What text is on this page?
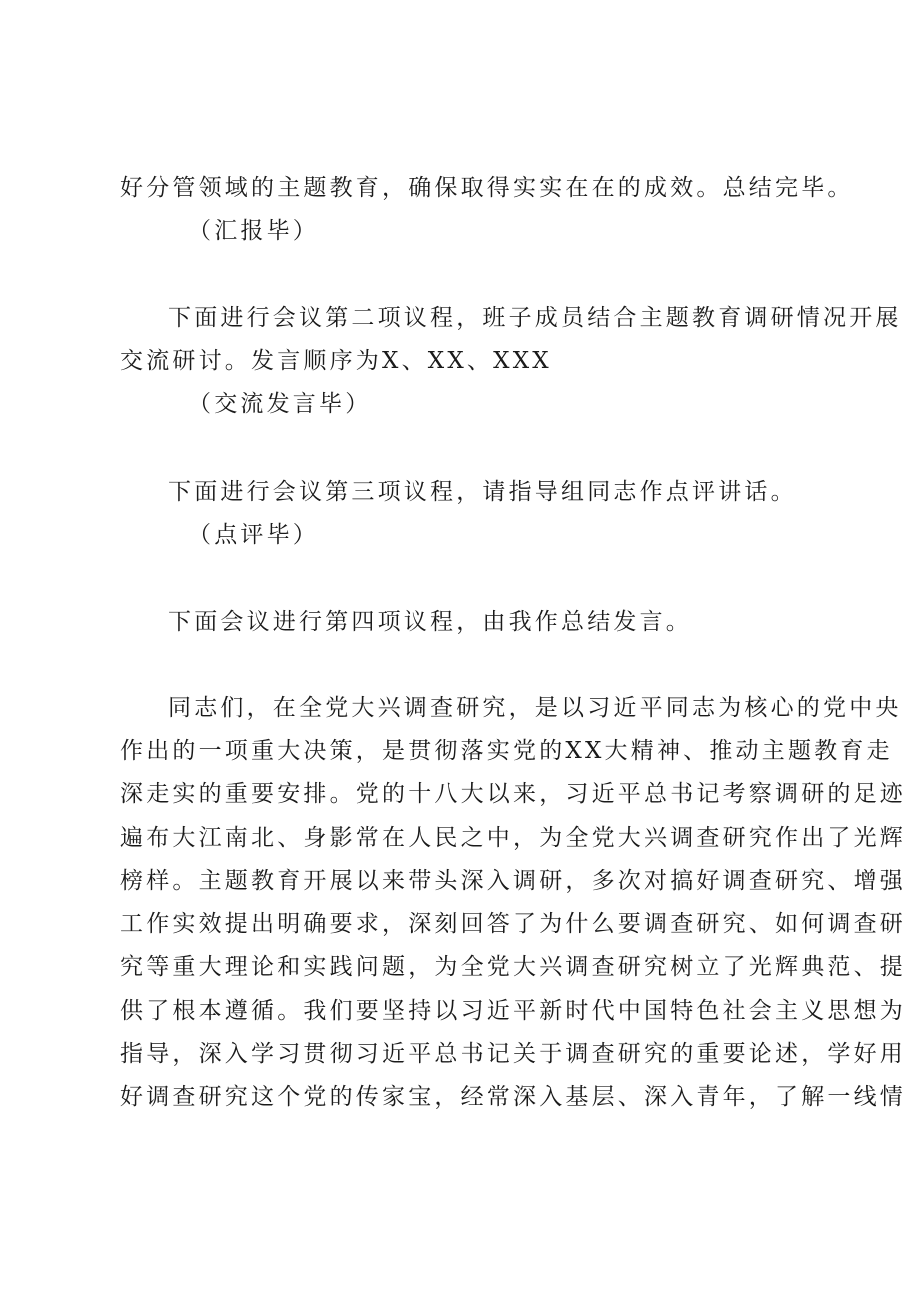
好分管领域的主题教育，确保取得实实在在的成效。总结完毕。
（汇报毕）
下面进行会议第二项议程，班子成员结合主题教育调研情况开展
交流研讨。发言顺序为X、XX、XXX
（交流发言毕）
下面进行会议第三项议程，请指导组同志作点评讲话。
（点评毕）
下面会议进行第四项议程，由我作总结发言。
同志们，在全党大兴调查研究，是以习近平同志为核心的党中央
作出的一项重大决策，是贯彻落实党的XX大精神、推动主题教育走
深走实的重要安排。党的十八大以来，习近平总书记考察调研的足迹
遍布大江南北、身影常在人民之中，为全党大兴调查研究作出了光辉
榜样。主题教育开展以来带头深入调研，多次对搞好调查研究、增强
工作实效提出明确要求，深刻回答了为什么要调查研究、如何调查研
究等重大理论和实践问题，为全党大兴调查研究树立了光辉典范、提
供了根本遵循。我们要坚持以习近平新时代中国特色社会主义思想为
指导，深入学习贯彻习近平总书记关于调查研究的重要论述，学好用
好调查研究这个党的传家宝，经常深入基层、深入青年，了解一线情
